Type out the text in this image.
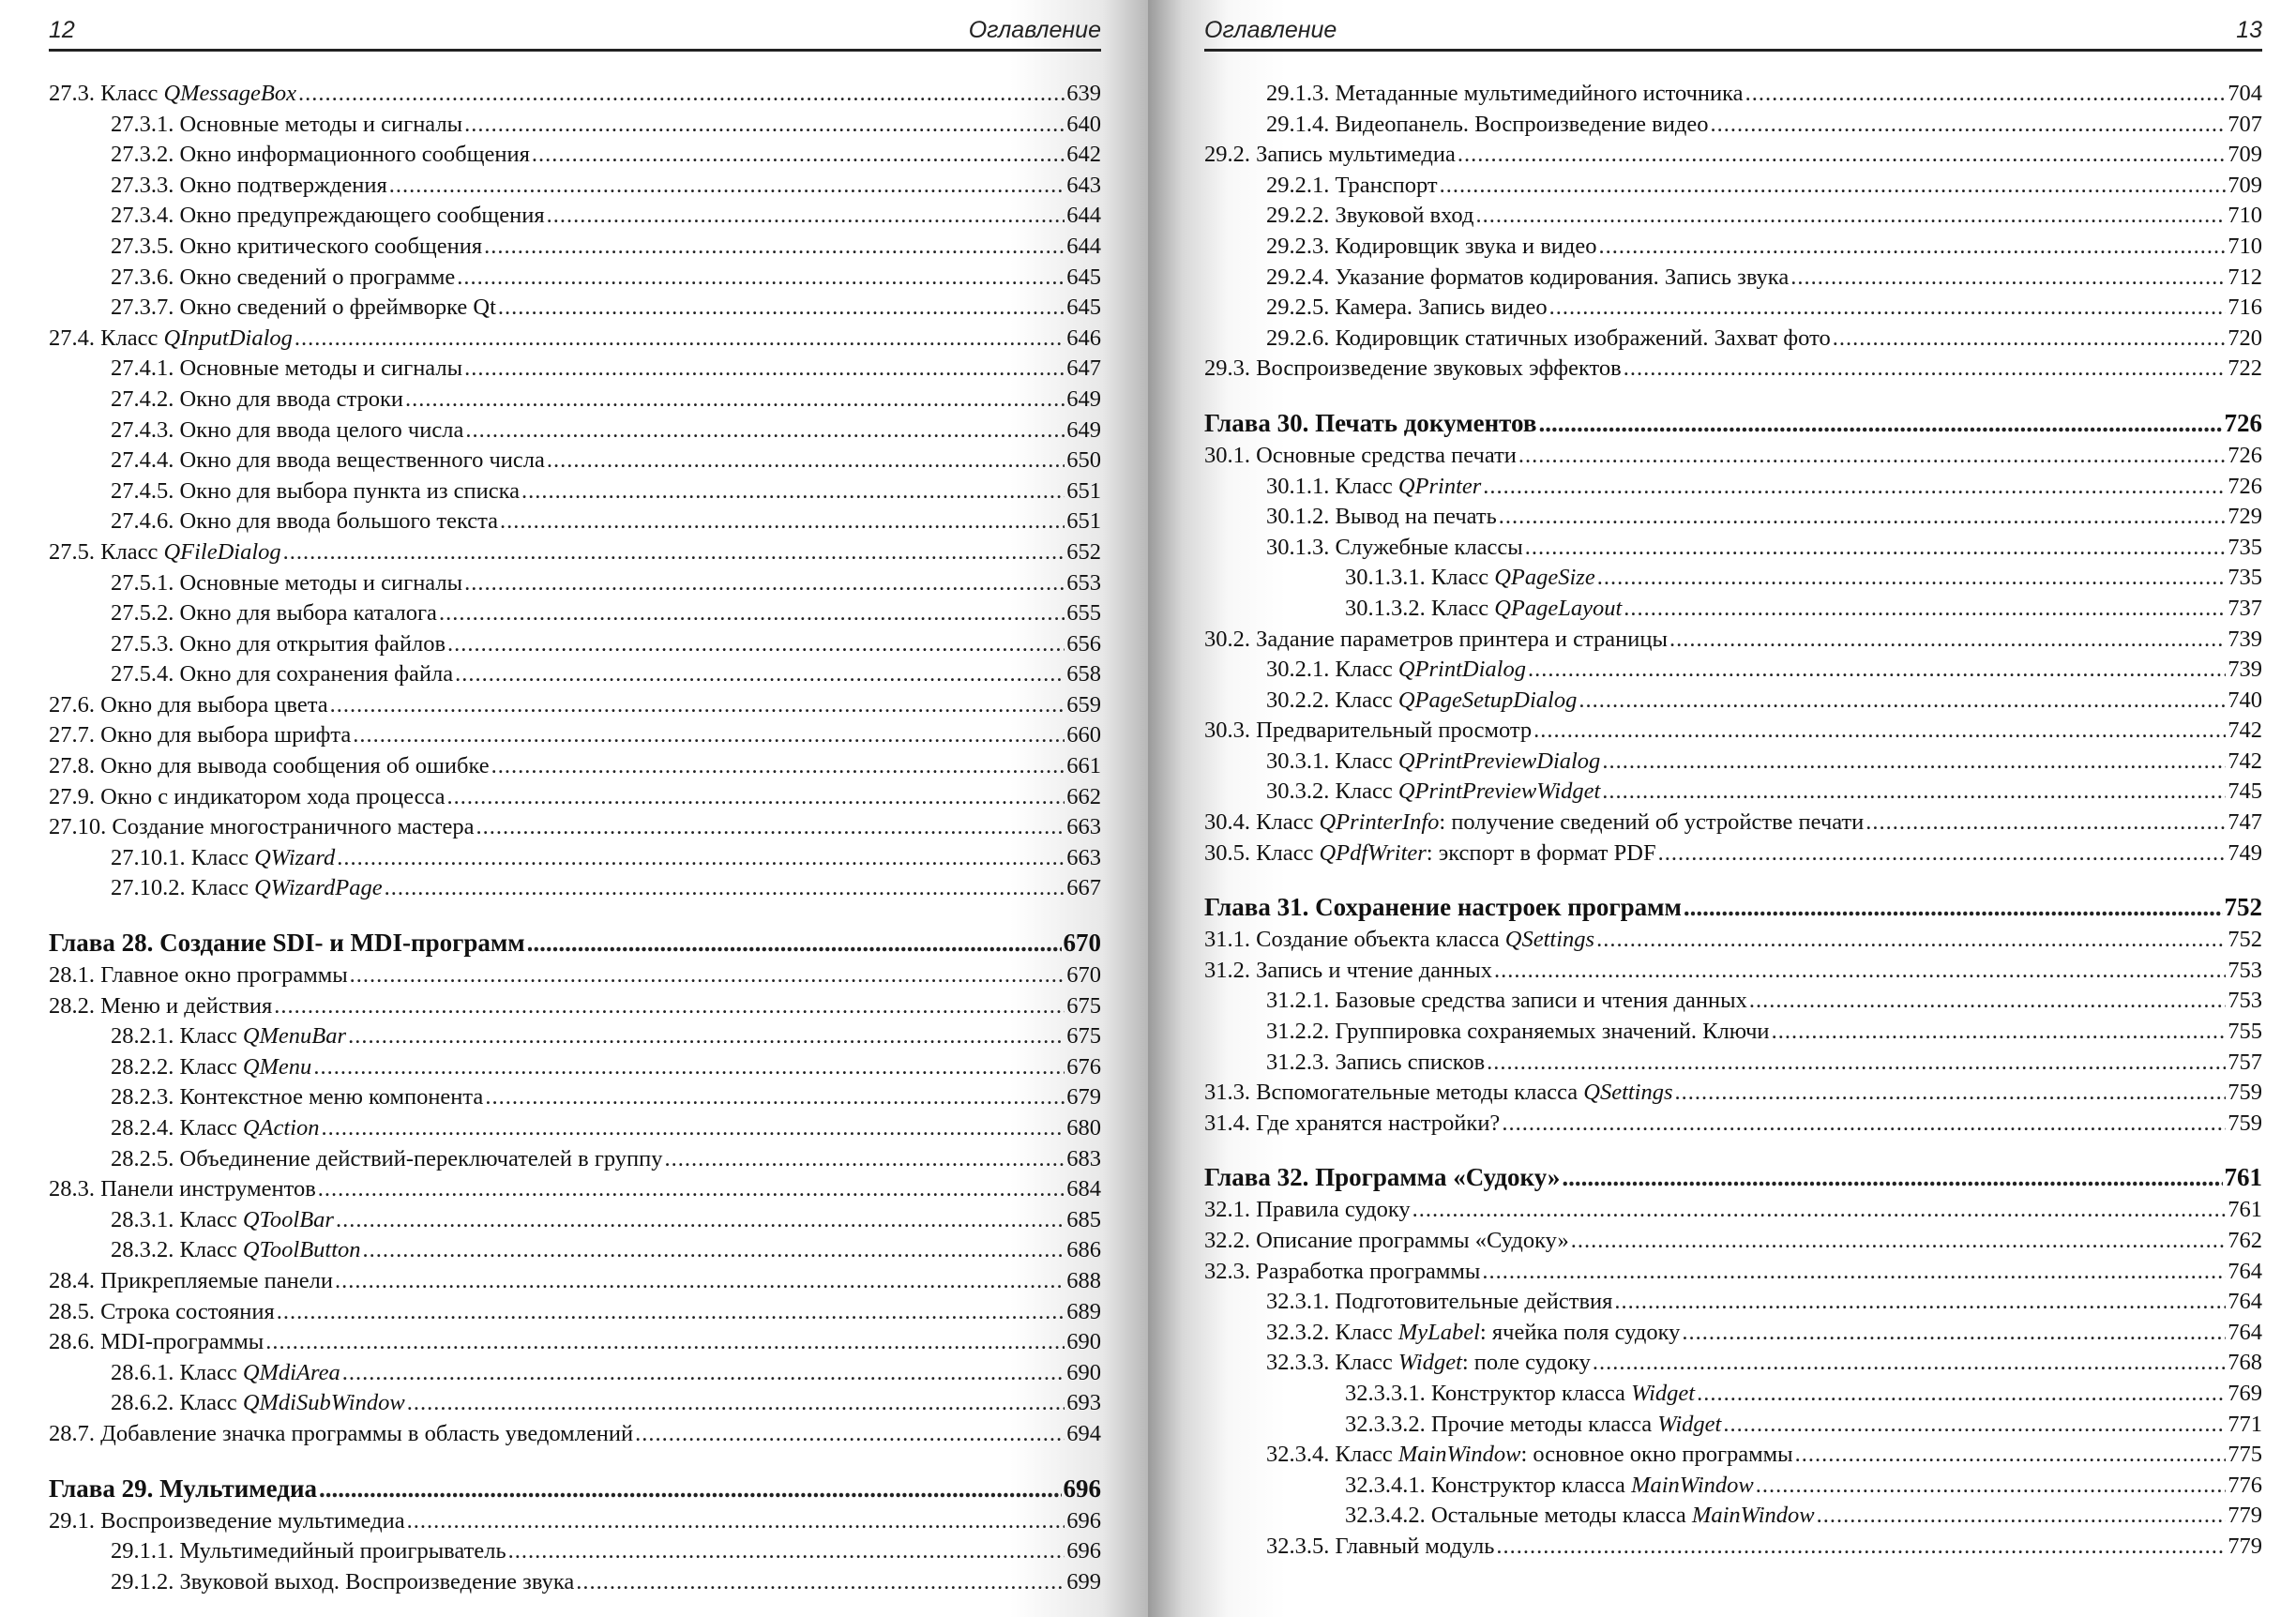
12	Оглавление
27.3. Класс QMessageBox .....	639
27.3.1. Основные методы и сигналы .....	640
27.3.2. Окно информационного сообщения .....	642
27.3.3. Окно подтверждения .....	643
27.3.4. Окно предупреждающего сообщения .....	644
27.3.5. Окно критического сообщения .....	644
27.3.6. Окно сведений о программе .....	645
27.3.7. Окно сведений о фреймворке Qt .....	645
27.4. Класс QInputDialog .....	646
27.4.1. Основные методы и сигналы .....	647
27.4.2. Окно для ввода строки .....	649
27.4.3. Окно для ввода целого числа .....	649
27.4.4. Окно для ввода вещественного числа .....	650
27.4.5. Окно для выбора пункта из списка .....	651
27.4.6. Окно для ввода большого текста .....	651
27.5. Класс QFileDialog .....	652
27.5.1. Основные методы и сигналы .....	653
27.5.2. Окно для выбора каталога .....	655
27.5.3. Окно для открытия файлов .....	656
27.5.4. Окно для сохранения файла .....	658
27.6. Окно для выбора цвета .....	659
27.7. Окно для выбора шрифта .....	660
27.8. Окно для вывода сообщения об ошибке .....	661
27.9. Окно с индикатором хода процесса .....	662
27.10. Создание многостраничного мастера .....	663
27.10.1. Класс QWizard .....	663
27.10.2. Класс QWizardPage .....	667
Глава 28. Создание SDI- и MDI-программ .....	670
28.1. Главное окно программы .....	670
28.2. Меню и действия .....	675
28.2.1. Класс QMenuBar .....	675
28.2.2. Класс QMenu .....	676
28.2.3. Контекстное меню компонента .....	679
28.2.4. Класс QAction .....	680
28.2.5. Объединение действий-переключателей в группу .....	683
28.3. Панели инструментов .....	684
28.3.1. Класс QToolBar .....	685
28.3.2. Класс QToolButton .....	686
28.4. Прикрепляемые панели .....	688
28.5. Строка состояния .....	689
28.6. MDI-программы .....	690
28.6.1. Класс QMdiArea .....	690
28.6.2. Класс QMdiSubWindow .....	693
28.7. Добавление значка программы в область уведомлений .....	694
Глава 29. Мультимедиа .....	696
29.1. Воспроизведение мультимедиа .....	696
29.1.1. Мультимедийный проигрыватель .....	696
29.1.2. Звуковой выход. Воспроизведение звука .....	699
Оглавление	13
29.1.3. Метаданные мультимедийного источника .....	704
29.1.4. Видеопанель. Воспроизведение видео .....	707
29.2. Запись мультимедиа .....	709
29.2.1. Транспорт .....	709
29.2.2. Звуковой вход .....	710
29.2.3. Кодировщик звука и видео .....	710
29.2.4. Указание форматов кодирования. Запись звука .....	712
29.2.5. Камера. Запись видео .....	716
29.2.6. Кодировщик статичных изображений. Захват фото .....	720
29.3. Воспроизведение звуковых эффектов .....	722
Глава 30. Печать документов .....	726
30.1. Основные средства печати .....	726
30.1.1. Класс QPrinter .....	726
30.1.2. Вывод на печать .....	729
30.1.3. Служебные классы .....	735
30.1.3.1. Класс QPageSize .....	735
30.1.3.2. Класс QPageLayout .....	737
30.2. Задание параметров принтера и страницы .....	739
30.2.1. Класс QPrintDialog .....	739
30.2.2. Класс QPageSetupDialog .....	740
30.3. Предварительный просмотр .....	742
30.3.1. Класс QPrintPreviewDialog .....	742
30.3.2. Класс QPrintPreviewWidget .....	745
30.4. Класс QPrinterInfo: получение сведений об устройстве печати .....	747
30.5. Класс QPdfWriter: экспорт в формат PDF .....	749
Глава 31. Сохранение настроек программ .....	752
31.1. Создание объекта класса QSettings .....	752
31.2. Запись и чтение данных .....	753
31.2.1. Базовые средства записи и чтения данных .....	753
31.2.2. Группировка сохраняемых значений. Ключи .....	755
31.2.3. Запись списков .....	757
31.3. Вспомогательные методы класса QSettings .....	759
31.4. Где хранятся настройки? .....	759
Глава 32. Программа «Судоку» .....	761
32.1. Правила судоку .....	761
32.2. Описание программы «Судоку» .....	762
32.3. Разработка программы .....	764
32.3.1. Подготовительные действия .....	764
32.3.2. Класс MyLabel: ячейка поля судоку .....	764
32.3.3. Класс Widget: поле судоку .....	768
32.3.3.1. Конструктор класса Widget .....	769
32.3.3.2. Прочие методы класса Widget .....	771
32.3.4. Класс MainWindow: основное окно программы .....	775
32.3.4.1. Конструктор класса MainWindow .....	776
32.3.4.2. Остальные методы класса MainWindow .....	779
32.3.5. Главный модуль .....	779
